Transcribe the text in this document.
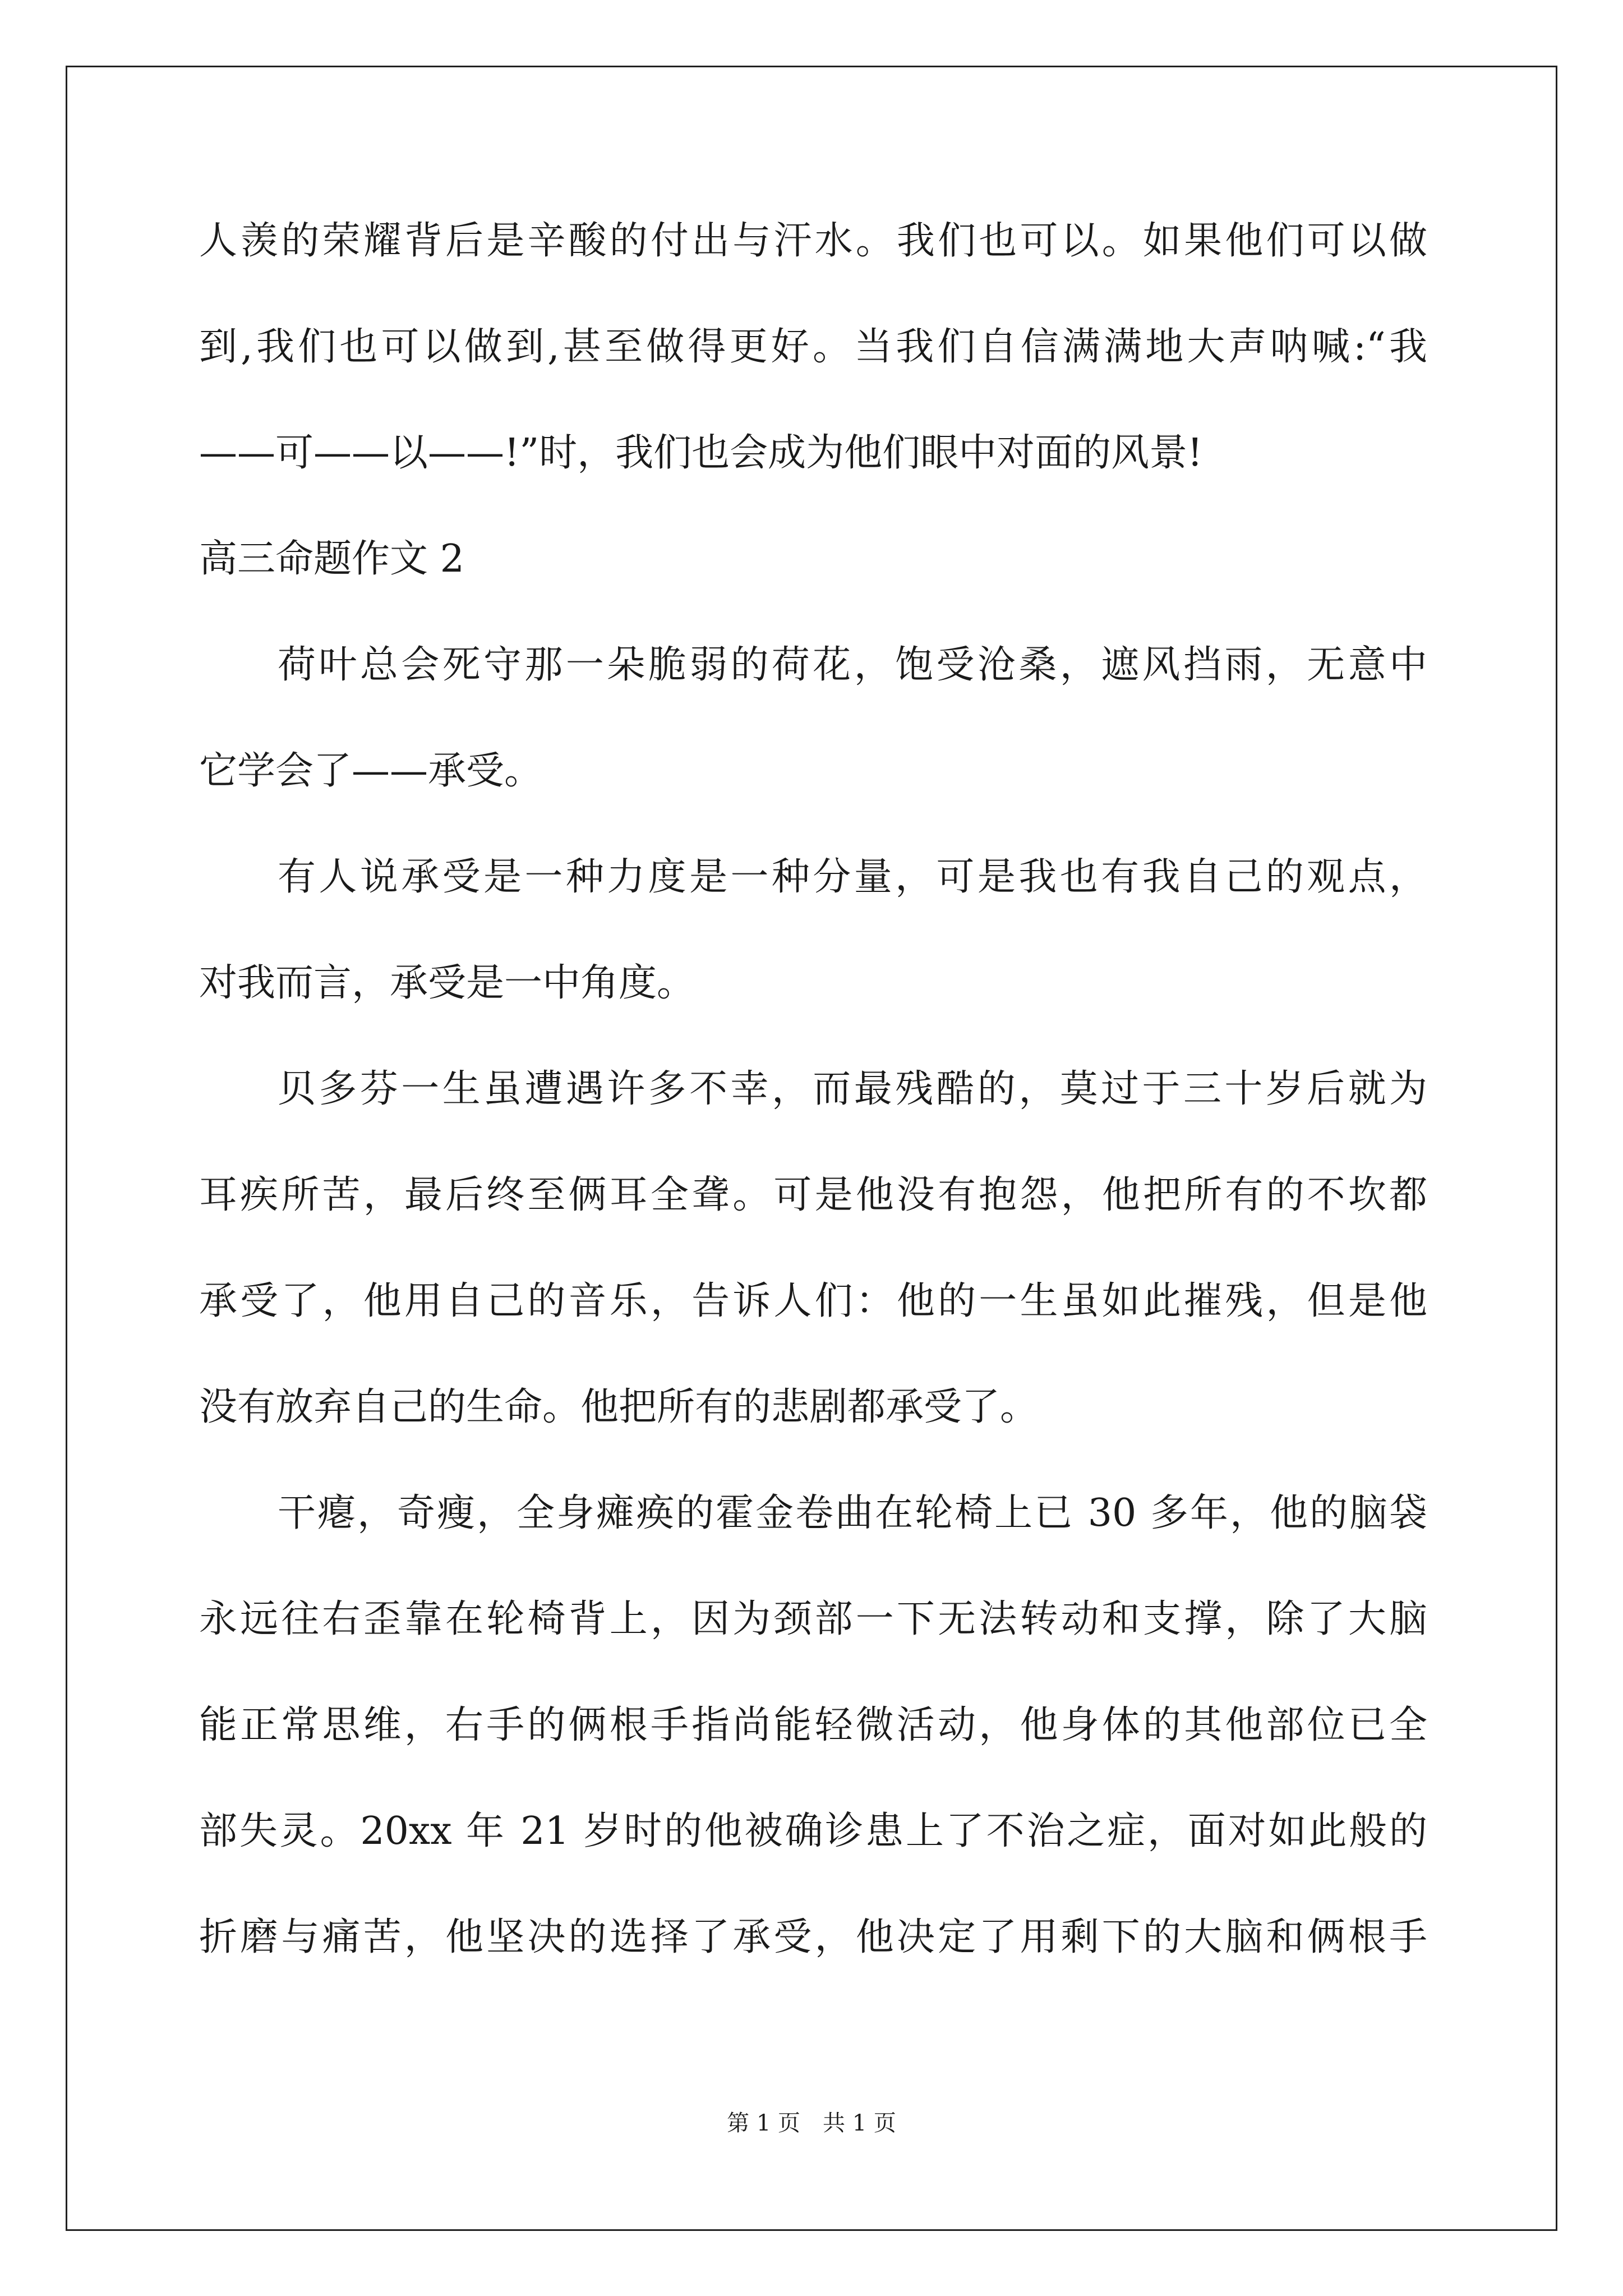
人羡的荣耀背后是辛酸的付出与汗水。我们也可以。如果他们可以做
到,我们也可以做到,甚至做得更好。当我们自信满满地大声呐喊:“我
——可——以——!”时，我们也会成为他们眼中对面的风景!
高三命题作文 2
荷叶总会死守那一朵脆弱的荷花，饱受沧桑，遮风挡雨，无意中
它学会了——承受。
有人说承受是一种力度是一种分量，可是我也有我自己的观点，
对我而言，承受是一中角度。
贝多芬一生虽遭遇许多不幸，而最残酷的，莫过于三十岁后就为
耳疾所苦，最后终至俩耳全聋。可是他没有抱怨，他把所有的不坎都
承受了，他用自己的音乐，告诉人们：他的一生虽如此摧残，但是他
没有放弃自己的生命。他把所有的悲剧都承受了。
干瘪，奇瘦，全身瘫痪的霍金卷曲在轮椅上已 30 多年，他的脑袋
永远往右歪靠在轮椅背上，因为颈部一下无法转动和支撑，除了大脑
能正常思维，右手的俩根手指尚能轻微活动，他身体的其他部位已全
部失灵。20xx 年 21 岁时的他被确诊患上了不治之症，面对如此般的
折磨与痛苦，他坚决的选择了承受，他决定了用剩下的大脑和俩根手
第 1 页　共 1 页
